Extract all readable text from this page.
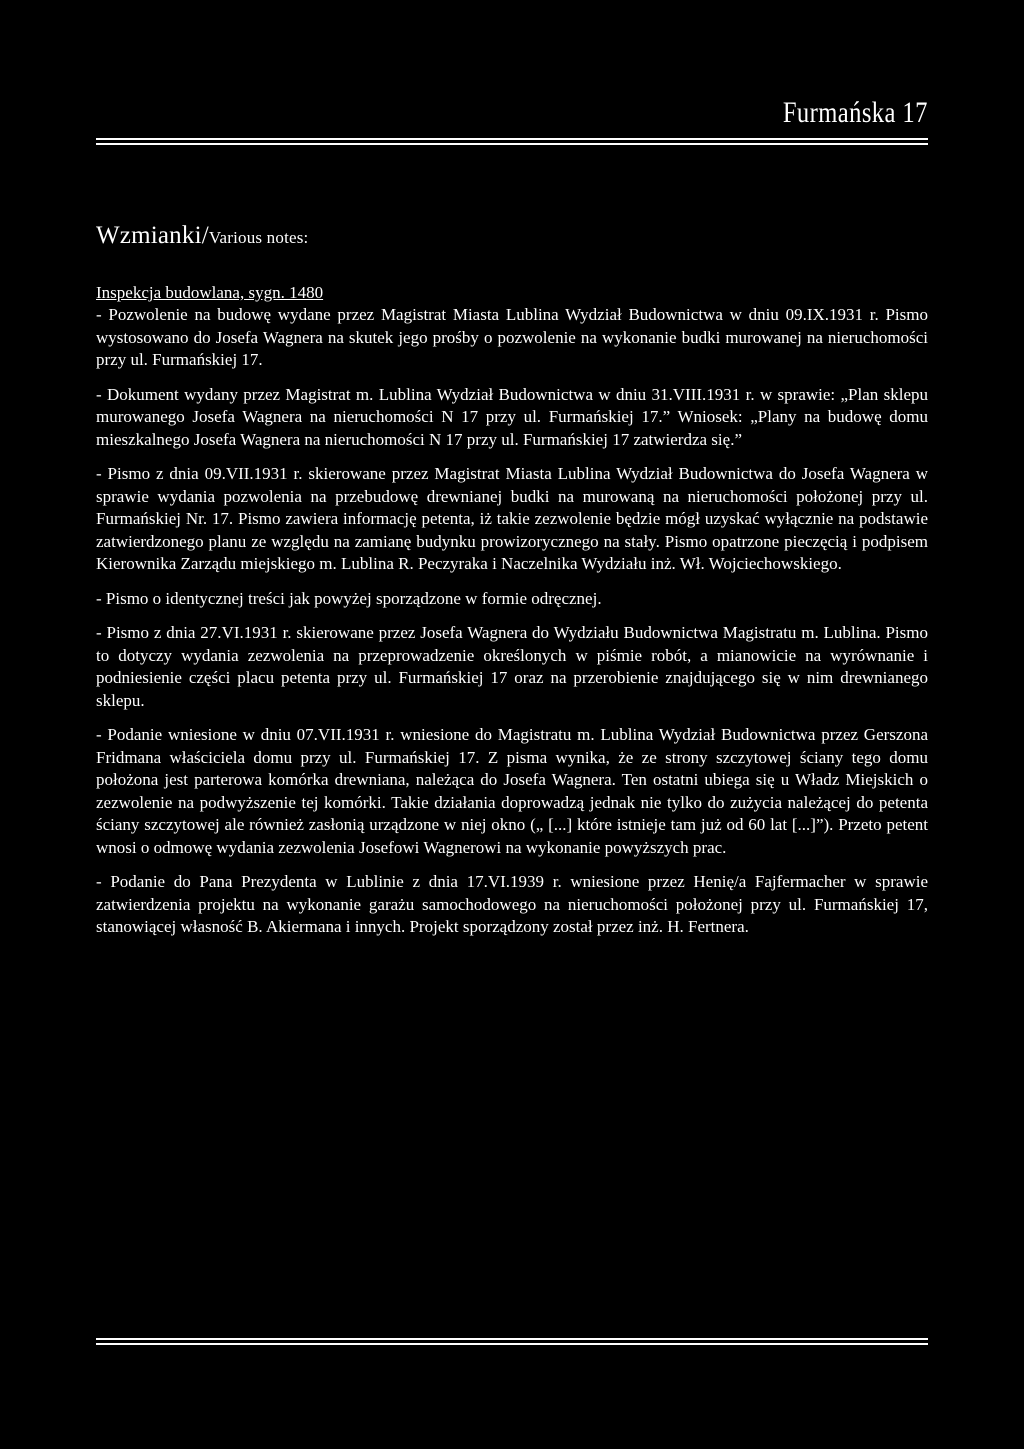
Furmańska 17
Wzmianki/Various notes:

Inspekcja budowlana, sygn. 1480

- Pozwolenie na budowę wydane przez Magistrat Miasta Lublina Wydział Budownictwa w dniu 09.IX.1931 r. Pismo wystosowano do Josefa Wagnera na skutek jego prośby o pozwolenie na wykonanie budki murowanej na nieruchomości przy ul. Furmańskiej 17.

- Dokument wydany przez Magistrat m. Lublina Wydział Budownictwa w dniu 31.VIII.1931 r. w sprawie: „Plan sklepu murowanego Josefa Wagnera na nieruchomości N 17 przy ul. Furmańskiej 17.” Wniosek: „Plany na budowę domu mieszkalnego Josefa Wagnera na nieruchomości N 17 przy ul. Furmańskiej 17 zatwierdza się.”

- Pismo z dnia 09.VII.1931 r. skierowane przez Magistrat Miasta Lublina Wydział Budownictwa do Josefa Wagnera w sprawie wydania pozwolenia na przebudowę drewnianej budki na murowaną na nieruchomości położonej przy ul. Furmańskiej Nr. 17. Pismo zawiera informację petenta, iż takie zezwolenie będzie mógł uzyskać wyłącznie na podstawie zatwierdzonego planu ze względu na zamianę budynku prowizorycznego na stały. Pismo opatrzone pieczęcią i podpisem Kierownika Zarządu miejskiego m. Lublina R. Peczyraka i Naczelnika Wydziału inż. Wł. Wojciechowskiego.

- Pismo o identycznej treści jak powyżej sporządzone w formie odręcznej.

- Pismo z dnia 27.VI.1931 r. skierowane przez Josefa Wagnera do Wydziału Budownictwa Magistratu m. Lublina. Pismo to dotyczy wydania zezwolenia na przeprowadzenie określonych w piśmie robót, a mianowicie na wyrównanie i podniesienie części placu petenta przy ul. Furmańskiej 17 oraz na przerobienie znajdującego się w nim drewnianego sklepu.

- Podanie wniesione w dniu 07.VII.1931 r. wniesione do Magistratu m. Lublina Wydział Budownictwa przez Gerszona Fridmana właściciela domu przy ul. Furmańskiej 17. Z pisma wynika, że ze strony szczytowej ściany tego domu położona jest parterowa komórka drewniana, należąca do Josefa Wagnera. Ten ostatni ubiega się u Władz Miejskich o zezwolenie na podwyższenie tej komórki. Takie działania doprowadzą jednak nie tylko do zużycia należącej do petenta ściany szczytowej ale również zasłonią urządzone w niej okno („ [...] które istnieje tam już od 60 lat [...]”). Przeto petent wnosi o odmowę wydania zezwolenia Josefowi Wagnerowi na wykonanie powyższych prac.

- Podanie do Pana Prezydenta w Lublinie z dnia 17.VI.1939 r. wniesione przez Henię/a Fajfermacher w sprawie zatwierdzenia projektu na wykonanie garażu samochodowego na nieruchomości położonej przy ul. Furmańskiej 17, stanowiącej własność B. Akiermana i innych. Projekt sporządzony został przez inż. H. Fertnera.
